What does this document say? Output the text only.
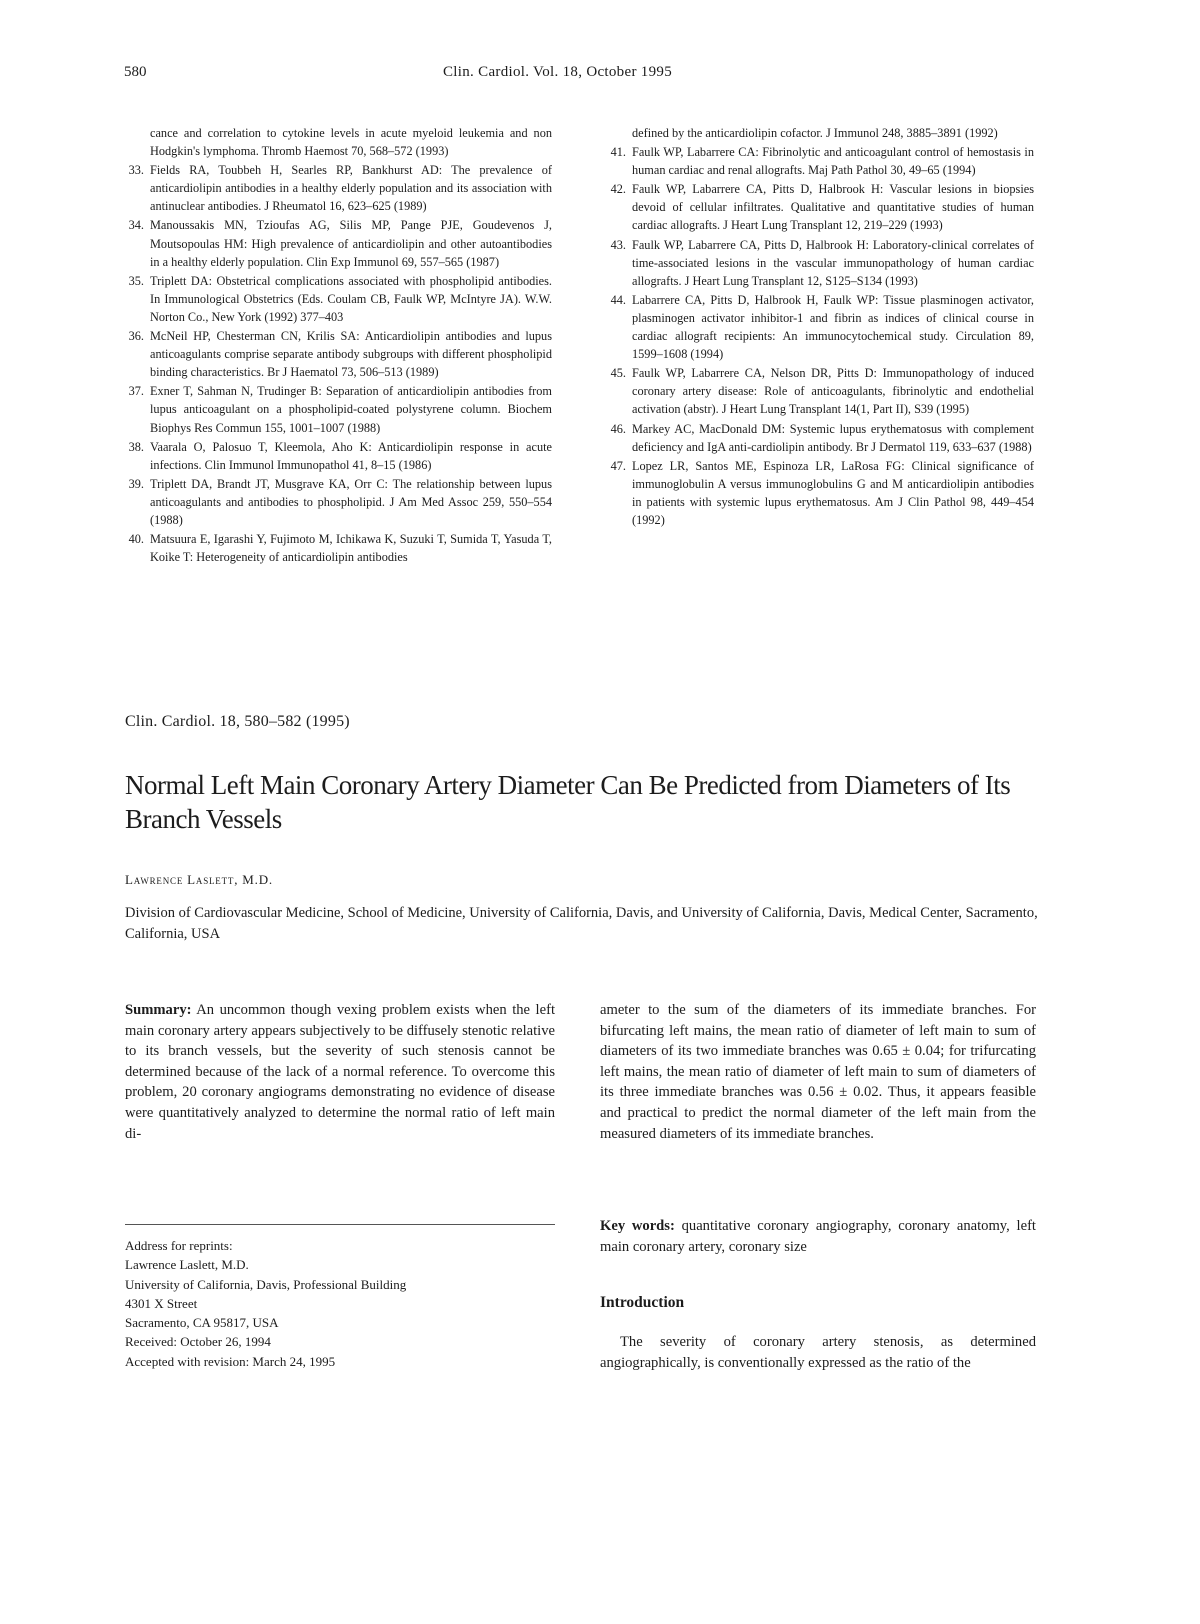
580	Clin. Cardiol. Vol. 18, October 1995
cance and correlation to cytokine levels in acute myeloid leukemia and non Hodgkin's lymphoma. Thromb Haemost 70, 568–572 (1993)
33. Fields RA, Toubbeh H, Searles RP, Bankhurst AD: The prevalence of anticardiolipin antibodies in a healthy elderly population and its association with antinuclear antibodies. J Rheumatol 16, 623–625 (1989)
34. Manoussakis MN, Tzioufas AG, Silis MP, Pange PJE, Goudevenos J, Moutsopoulas HM: High prevalence of anticardiolipin and other autoantibodies in a healthy elderly population. Clin Exp Immunol 69, 557–565 (1987)
35. Triplett DA: Obstetrical complications associated with phospholipid antibodies. In Immunological Obstetrics (Eds. Coulam CB, Faulk WP, McIntyre JA). W.W. Norton Co., New York (1992) 377–403
36. McNeil HP, Chesterman CN, Krilis SA: Anticardiolipin antibodies and lupus anticoagulants comprise separate antibody subgroups with different phospholipid binding characteristics. Br J Haematol 73, 506–513 (1989)
37. Exner T, Sahman N, Trudinger B: Separation of anticardiolipin antibodies from lupus anticoagulant on a phospholipid-coated polystyrene column. Biochem Biophys Res Commun 155, 1001–1007 (1988)
38. Vaarala O, Palosuo T, Kleemola, Aho K: Anticardiolipin response in acute infections. Clin Immunol Immunopathol 41, 8–15 (1986)
39. Triplett DA, Brandt JT, Musgrave KA, Orr C: The relationship between lupus anticoagulants and antibodies to phospholipid. J Am Med Assoc 259, 550–554 (1988)
40. Matsuura E, Igarashi Y, Fujimoto M, Ichikawa K, Suzuki T, Sumida T, Yasuda T, Koike T: Heterogeneity of anticardiolipin antibodies
defined by the anticardiolipin cofactor. J Immunol 248, 3885–3891 (1992)
41. Faulk WP, Labarrere CA: Fibrinolytic and anticoagulant control of hemostasis in human cardiac and renal allografts. Maj Path Pathol 30, 49–65 (1994)
42. Faulk WP, Labarrere CA, Pitts D, Halbrook H: Vascular lesions in biopsies devoid of cellular infiltrates. Qualitative and quantitative studies of human cardiac allografts. J Heart Lung Transplant 12, 219–229 (1993)
43. Faulk WP, Labarrere CA, Pitts D, Halbrook H: Laboratory-clinical correlates of time-associated lesions in the vascular immunopathology of human cardiac allografts. J Heart Lung Transplant 12, S125–S134 (1993)
44. Labarrere CA, Pitts D, Halbrook H, Faulk WP: Tissue plasminogen activator, plasminogen activator inhibitor-1 and fibrin as indices of clinical course in cardiac allograft recipients: An immunocytochemical study. Circulation 89, 1599–1608 (1994)
45. Faulk WP, Labarrere CA, Nelson DR, Pitts D: Immunopathology of induced coronary artery disease: Role of anticoagulants, fibrinolytic and endothelial activation (abstr). J Heart Lung Transplant 14(1, Part II), S39 (1995)
46. Markey AC, MacDonald DM: Systemic lupus erythematosus with complement deficiency and IgA anti-cardiolipin antibody. Br J Dermatol 119, 633–637 (1988)
47. Lopez LR, Santos ME, Espinoza LR, LaRosa FG: Clinical significance of immunoglobulin A versus immunoglobulins G and M anticardiolipin antibodies in patients with systemic lupus erythematosus. Am J Clin Pathol 98, 449–454 (1992)
Clin. Cardiol. 18, 580–582 (1995)
Normal Left Main Coronary Artery Diameter Can Be Predicted from Diameters of Its Branch Vessels
Lawrence Laslett, M.D.
Division of Cardiovascular Medicine, School of Medicine, University of California, Davis, and University of California, Davis, Medical Center, Sacramento, California, USA

Summary: An uncommon though vexing problem exists when the left main coronary artery appears subjectively to be diffusely stenotic relative to its branch vessels, but the severity of such stenosis cannot be determined because of the lack of a normal reference. To overcome this problem, 20 coronary angiograms demonstrating no evidence of disease were quantitatively analyzed to determine the normal ratio of left main di-

ameter to the sum of the diameters of its immediate branches. For bifurcating left mains, the mean ratio of diameter of left main to sum of diameters of its two immediate branches was 0.65 ± 0.04; for trifurcating left mains, the mean ratio of diameter of left main to sum of diameters of its three immediate branches was 0.56 ± 0.02. Thus, it appears feasible and practical to predict the normal diameter of the left main from the measured diameters of its immediate branches.

Address for reprints:
Lawrence Laslett, M.D.
University of California, Davis, Professional Building
4301 X Street
Sacramento, CA 95817, USA
Received: October 26, 1994
Accepted with revision: March 24, 1995

Key words: quantitative coronary angiography, coronary anatomy, left main coronary artery, coronary size

Introduction

The severity of coronary artery stenosis, as determined angiographically, is conventionally expressed as the ratio of the
